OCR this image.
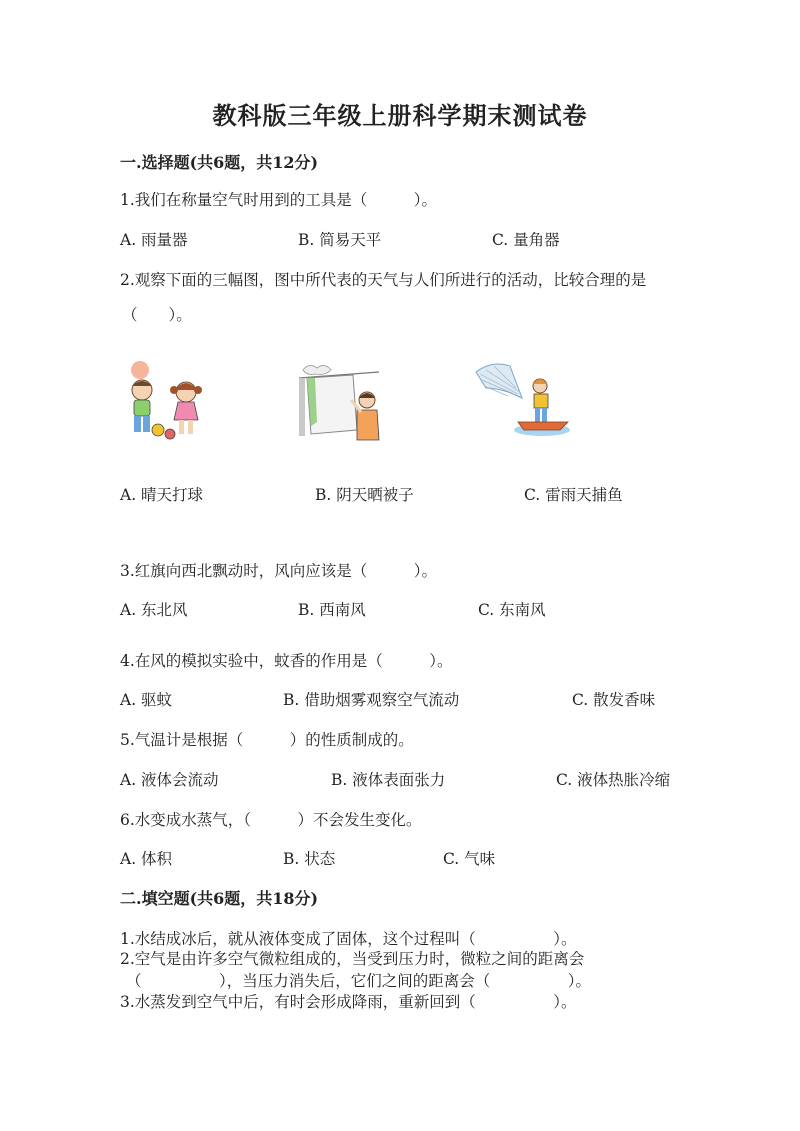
教科版三年级上册科学期末测试卷
一.选择题(共6题，共12分)
1.我们在称量空气时用到的工具是（　　　）。
A. 雨量器	B. 简易天平	C. 量角器
2.观察下面的三幅图，图中所代表的天气与人们所进行的活动，比较合理的是
（　　）。
A. 晴天打球	B. 阴天晒被子	C. 雷雨天捕鱼
3.红旗向西北飘动时，风向应该是（　　　）。
A. 东北风	B. 西南风	C. 东南风
4.在风的模拟实验中，蚊香的作用是（　　　）。
A. 驱蚊	B. 借助烟雾观察空气流动	C. 散发香味
5.气温计是根据（　　　）的性质制成的。
A. 液体会流动	B. 液体表面张力	C. 液体热胀冷缩
6.水变成水蒸气，（　　　）不会发生变化。
A. 体积	B. 状态	C. 气味
二.填空题(共6题，共18分)
1.水结成冰后，就从液体变成了固体，这个过程叫（　　　　　）。
2.空气是由许多空气微粒组成的，当受到压力时，微粒之间的距离会
（　　　　　），当压力消失后，它们之间的距离会（　　　　　）。
3.水蒸发到空气中后，有时会形成降雨，重新回到（　　　　　）。
